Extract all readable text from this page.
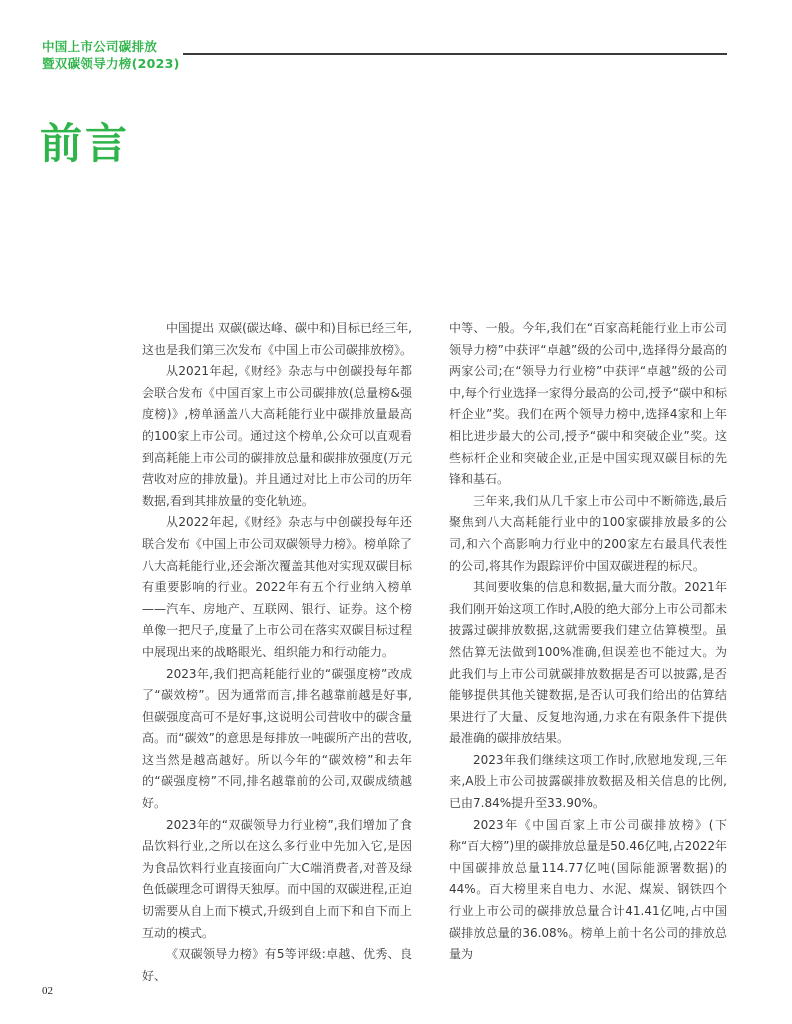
中国上市公司碳排放
暨双碳领导力榜(2023)
前言

中国提出 双碳(碳达峰、碳中和)目标已经三年,这也是我们第三次发布《中国上市公司碳排放榜》。

从2021年起,《财经》杂志与中创碳投每年都会联合发布《中国百家上市公司碳排放(总量榜&强度榜)》,榜单涵盖八大高耗能行业中碳排放量最高的100家上市公司。通过这个榜单,公众可以直观看到高耗能上市公司的碳排放总量和碳排放强度(万元营收对应的排放量)。并且通过对比上市公司的历年数据,看到其排放量的变化轨迹。

从2022年起,《财经》杂志与中创碳投每年还联合发布《中国上市公司双碳领导力榜》。榜单除了八大高耗能行业,还会渐次覆盖其他对实现双碳目标有重要影响的行业。2022年有五个行业纳入榜单——汽车、房地产、互联网、银行、证券。这个榜单像一把尺子,度量了上市公司在落实双碳目标过程中展现出来的战略眼光、组织能力和行动能力。

2023年,我们把高耗能行业的“碳强度榜”改成了“碳效榜”。因为通常而言,排名越靠前越是好事,但碳强度高可不是好事,这说明公司营收中的碳含量高。而“碳效”的意思是每排放一吨碳所产出的营收,这当然是越高越好。所以今年的“碳效榜”和去年的“碳强度榜”不同,排名越靠前的公司,双碳成绩越好。

2023年的“双碳领导力行业榜”,我们增加了食品饮料行业,之所以在这么多行业中先加入它,是因为食品饮料行业直接面向广大C端消费者,对普及绿色低碳理念可谓得天独厚。而中国的双碳进程,正迫切需要从自上而下模式,升级到自上而下和自下而上互动的模式。

《双碳领导力榜》有5等评级:卓越、优秀、良好、

中等、一般。今年,我们在“百家高耗能行业上市公司领导力榜”中获评“卓越”级的公司中,选择得分最高的两家公司;在“领导力行业榜”中获评“卓越”级的公司中,每个行业选择一家得分最高的公司,授予“碳中和标杆企业”奖。我们在两个领导力榜中,选择4家和上年相比进步最大的公司,授予“碳中和突破企业”奖。这些标杆企业和突破企业,正是中国实现双碳目标的先锋和基石。

三年来,我们从几千家上市公司中不断筛选,最后聚焦到八大高耗能行业中的100家碳排放最多的公司,和六个高影响力行业中的200家左右最具代表性的公司,将其作为跟踪评价中国双碳进程的标尺。

其间要收集的信息和数据,量大而分散。2021年我们刚开始这项工作时,A股的绝大部分上市公司都未披露过碳排放数据,这就需要我们建立估算模型。虽然估算无法做到100%准确,但误差也不能过大。为此我们与上市公司就碳排放数据是否可以披露,是否能够提供其他关键数据,是否认可我们给出的估算结果进行了大量、反复地沟通,力求在有限条件下提供最准确的碳排放结果。

2023年我们继续这项工作时,欣慰地发现,三年来,A股上市公司披露碳排放数据及相关信息的比例,已由7.84%提升至33.90%。

2023年《中国百家上市公司碳排放榜》(下称“百大榜”)里的碳排放总量是50.46亿吨,占2022年中国碳排放总量114.77亿吨(国际能源署数据)的44%。百大榜里来自电力、水泥、煤炭、钢铁四个行业上市公司的碳排放总量合计41.41亿吨,占中国碳排放总量的36.08%。榜单上前十名公司的排放总量为

02
